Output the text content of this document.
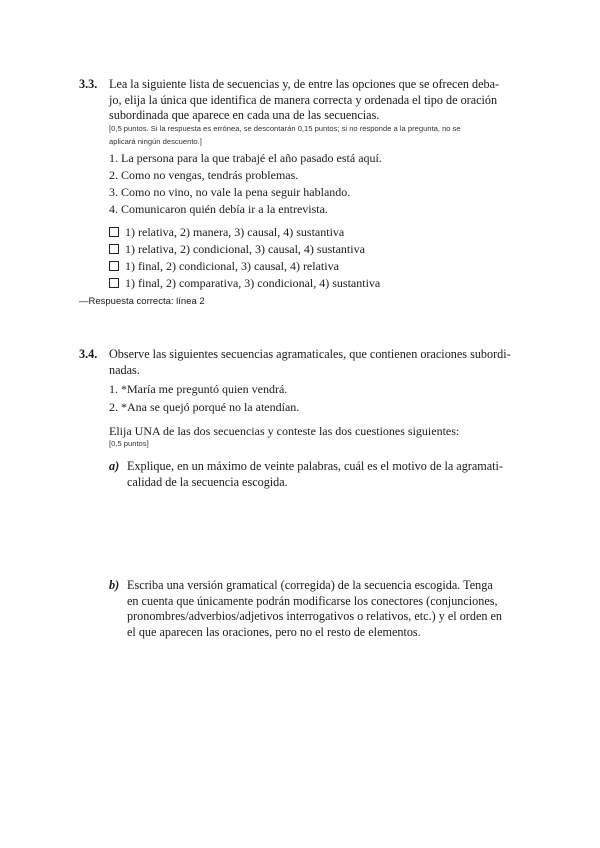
3.3. Lea la siguiente lista de secuencias y, de entre las opciones que se ofrecen deba-
jo, elija la única que identifica de manera correcta y ordenada el tipo de oración
subordinada que aparece en cada una de las secuencias.
[0,5 puntos. Si la respuesta es errónea, se descontarán 0,15 puntos; si no responde a la pregunta, no se
aplicará ningún descuento.]
1. La persona para la que trabajé el año pasado está aquí.
2. Como no vengas, tendrás problemas.
3. Como no vino, no vale la pena seguir hablando.
4. Comunicaron quién debía ir a la entrevista.
1) relativa, 2) manera, 3) causal, 4) sustantiva
1) relativa, 2) condicional, 3) causal, 4) sustantiva
1) final, 2) condicional, 3) causal, 4) relativa
1) final, 2) comparativa, 3) condicional, 4) sustantiva
—Respuesta correcta: línea 2
3.4. Observe las siguientes secuencias agramaticales, que contienen oraciones subordi-
nadas.
1. *María me preguntó quien vendrá.
2. *Ana se quejó porqué no la atendían.
Elija UNA de las dos secuencias y conteste las dos cuestiones siguientes:
[0,5 puntos]
a) Explique, en un máximo de veinte palabras, cuál es el motivo de la agramati-
calidad de la secuencia escogida.
b) Escriba una versión gramatical (corregida) de la secuencia escogida. Tenga
en cuenta que únicamente podrán modificarse los conectores (conjunciones,
pronombres/adverbios/adjetivos interrogativos o relativos, etc.) y el orden en
el que aparecen las oraciones, pero no el resto de elementos.
